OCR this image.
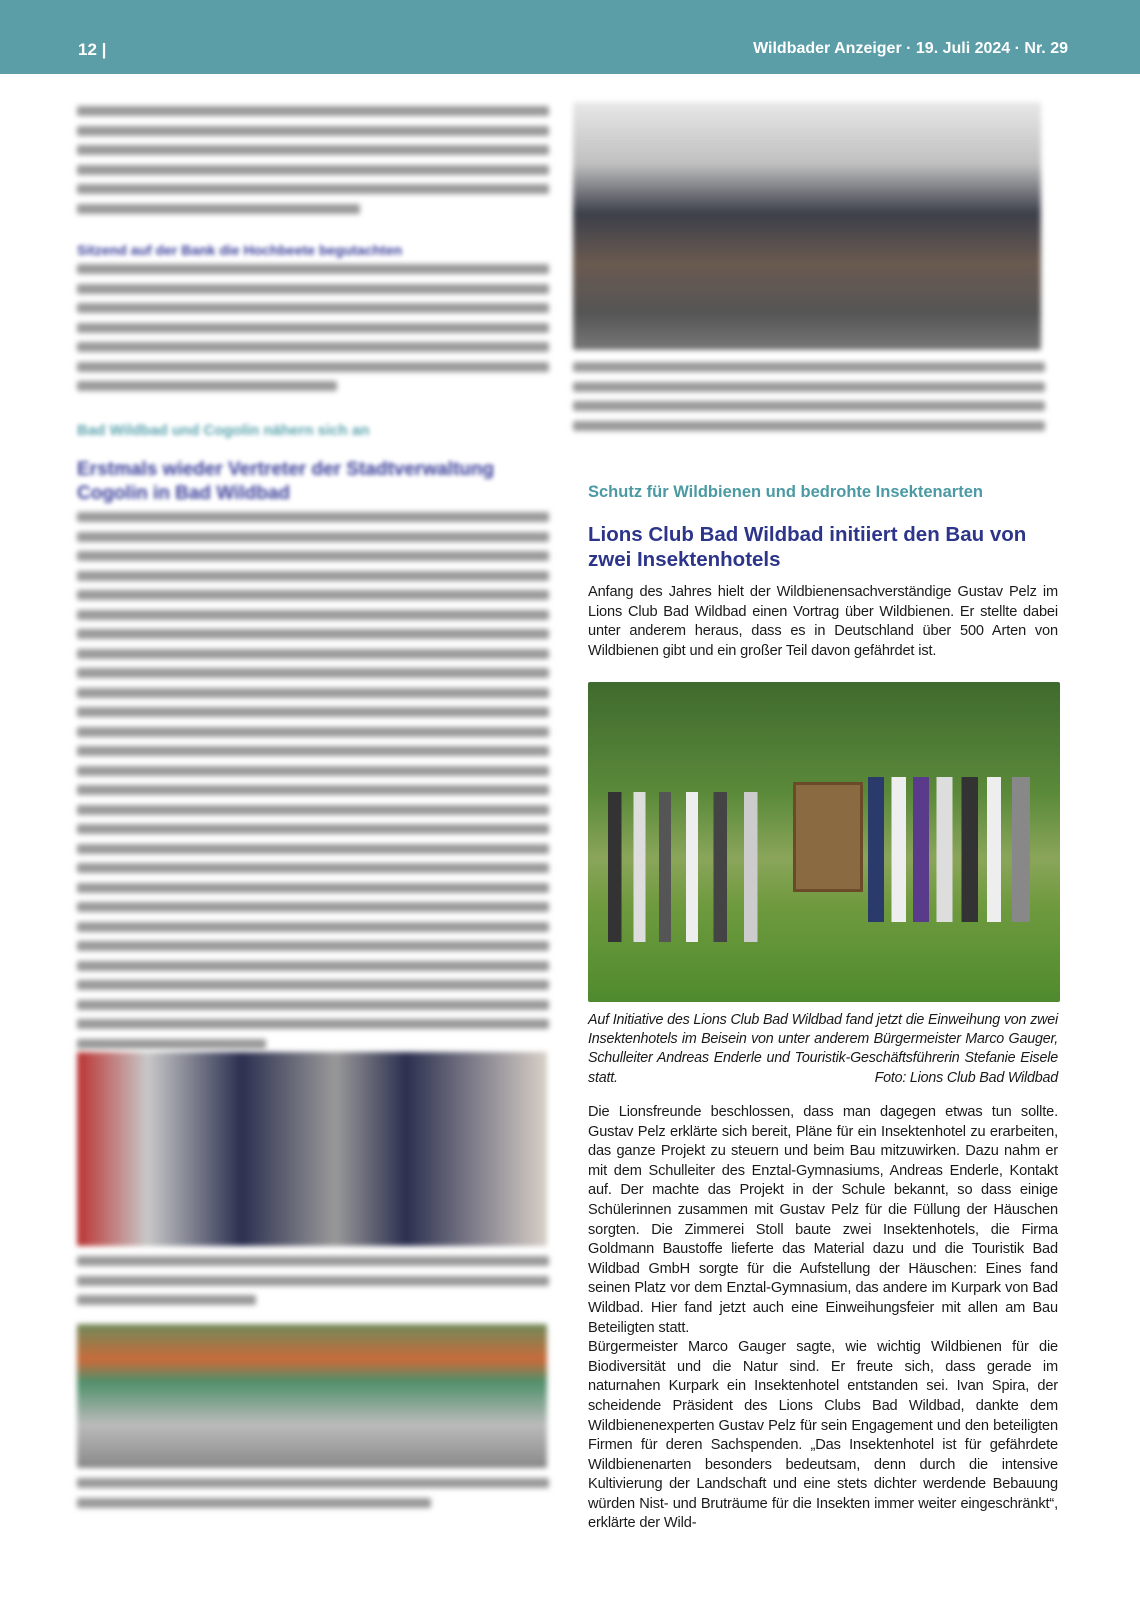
12 |	Wildbader Anzeiger · 19. Juli 2024 · Nr. 29
Sitzend auf der Bank die Hochbeete begutachten
Bad Wildbad und Cogolin nähern sich an
Erstmals wieder Vertreter der Stadtverwaltung Cogolin in Bad Wildbad	Schutz für Wildbienen und bedrohte Insektenarten
Lions Club Bad Wildbad initiiert den Bau von zwei Insektenhotels
Anfang des Jahres hielt der Wildbienensachverständige Gustav Pelz im Lions Club Bad Wildbad einen Vortrag über Wildbienen. Er stellte dabei unter anderem heraus, dass es in Deutschland über 500 Arten von Wildbienen gibt und ein großer Teil davon gefährdet ist.
Auf Initiative des Lions Club Bad Wildbad fand jetzt die Einweihung von zwei Insektenhotels im Beisein von unter anderem Bürgermeister Marco Gauger, Schulleiter Andreas Enderle und Touristik-Geschäftsführerin Stefanie Eisele statt.	Foto: Lions Club Bad Wildbad

Die Lionsfreunde beschlossen, dass man dagegen etwas tun sollte. Gustav Pelz erklärte sich bereit, Pläne für ein Insektenhotel zu erarbeiten, das ganze Projekt zu steuern und beim Bau mitzuwirken. Dazu nahm er mit dem Schulleiter des Enztal-Gymnasiums, Andreas Enderle, Kontakt auf. Der machte das Projekt in der Schule bekannt, so dass einige Schülerinnen zusammen mit Gustav Pelz für die Füllung der Häuschen sorgten. Die Zimmerei Stoll baute zwei Insektenhotels, die Firma Goldmann Baustoffe lieferte das Material dazu und die Touristik Bad Wildbad GmbH sorgte für die Aufstellung der Häuschen: Eines fand seinen Platz vor dem Enztal-Gymnasium, das andere im Kurpark von Bad Wildbad. Hier fand jetzt auch eine Einweihungsfeier mit allen am Bau Beteiligten statt.

Bürgermeister Marco Gauger sagte, wie wichtig Wildbienen für die Biodiversität und die Natur sind. Er freute sich, dass gerade im naturnahen Kurpark ein Insektenhotel entstanden sei. Ivan Spira, der scheidende Präsident des Lions Clubs Bad Wildbad, dankte dem Wildbienenexperten Gustav Pelz für sein Engagement und den beteiligten Firmen für deren Sachspenden. „Das Insektenhotel ist für gefährdete Wildbienenarten besonders bedeutsam, denn durch die intensive Kultivierung der Landschaft und eine stets dichter werdende Bebauung würden Nist- und Bruträume für die Insekten immer weiter eingeschränkt“, erklärte der Wild-
